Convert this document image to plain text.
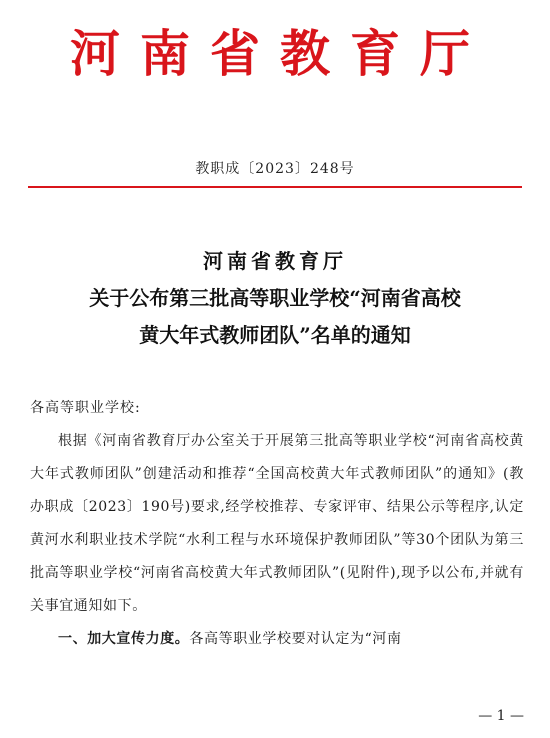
河南省教育厅
教职成〔2023〕248号
河南省教育厅
关于公布第三批高等职业学校“河南省高校
黄大年式教师团队”名单的通知
各高等职业学校:

根据《河南省教育厅办公室关于开展第三批高等职业学校“河南省高校黄大年式教师团队”创建活动和推荐“全国高校黄大年式教师团队”的通知》(教办职成〔2023〕190号)要求,经学校推荐、专家评审、结果公示等程序,认定黄河水利职业技术学院“水利工程与水环境保护教师团队”等30个团队为第三批高等职业学校“河南省高校黄大年式教师团队”(见附件),现予以公布,并就有关事宜通知如下。

一、加大宣传力度。各高等职业学校要对认定为“河南

— 1 —
